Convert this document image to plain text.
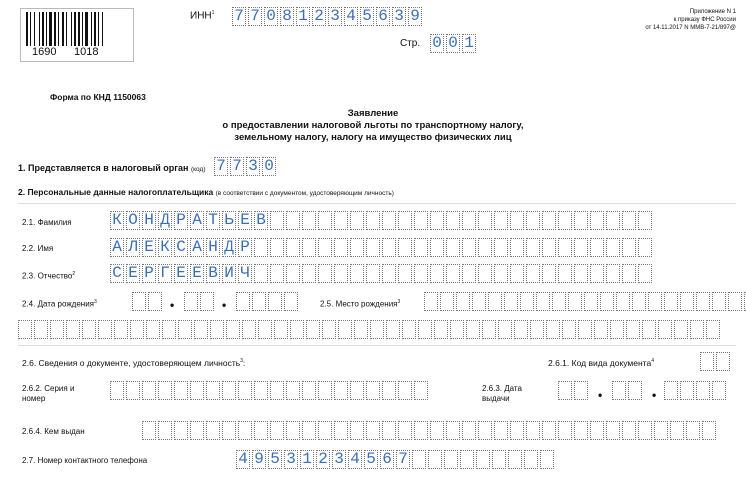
1690 1018
ИНН$^1$ 7 7 0 8 1 2 3 4 5 6 3 9
Стр. 0 0 1
Приложение N 1
к приказу ФНС России
от 14.11.2017 N ММВ-7-21/897@
Форма по КНД 1150063
Заявление
о предоставлении налоговой льготы по транспортному налогу,
земельному налогу, налогу на имущество физических лиц
1. Представляется в налоговый орган (код) 7 7 3 0
2. Персональные данные налогоплательщика (в соответствии с документом, удостоверяющим личность)
2.1. Фамилия	К О Н Д Р А Т Ь Е В
2.2. Имя	А Л Е К С А Н Д Р
2.3. Отчество$^2$ С Е Р Г Е Е В И Ч
2.4. Дата рождения$^3$	•	•	2.5. Место рождения$^3$
2.6. Сведения о документе, удостоверяющем личность$^3$:	2.6.1. Код вида документа$^4$
2.6.2. Серия и
номер
2.6.3. Дата
выдачи	•	•
2.6.4. Кем выдан
2.7. Номер контактного телефона	4 9 5 3 1 2 3 4 5 6 7
